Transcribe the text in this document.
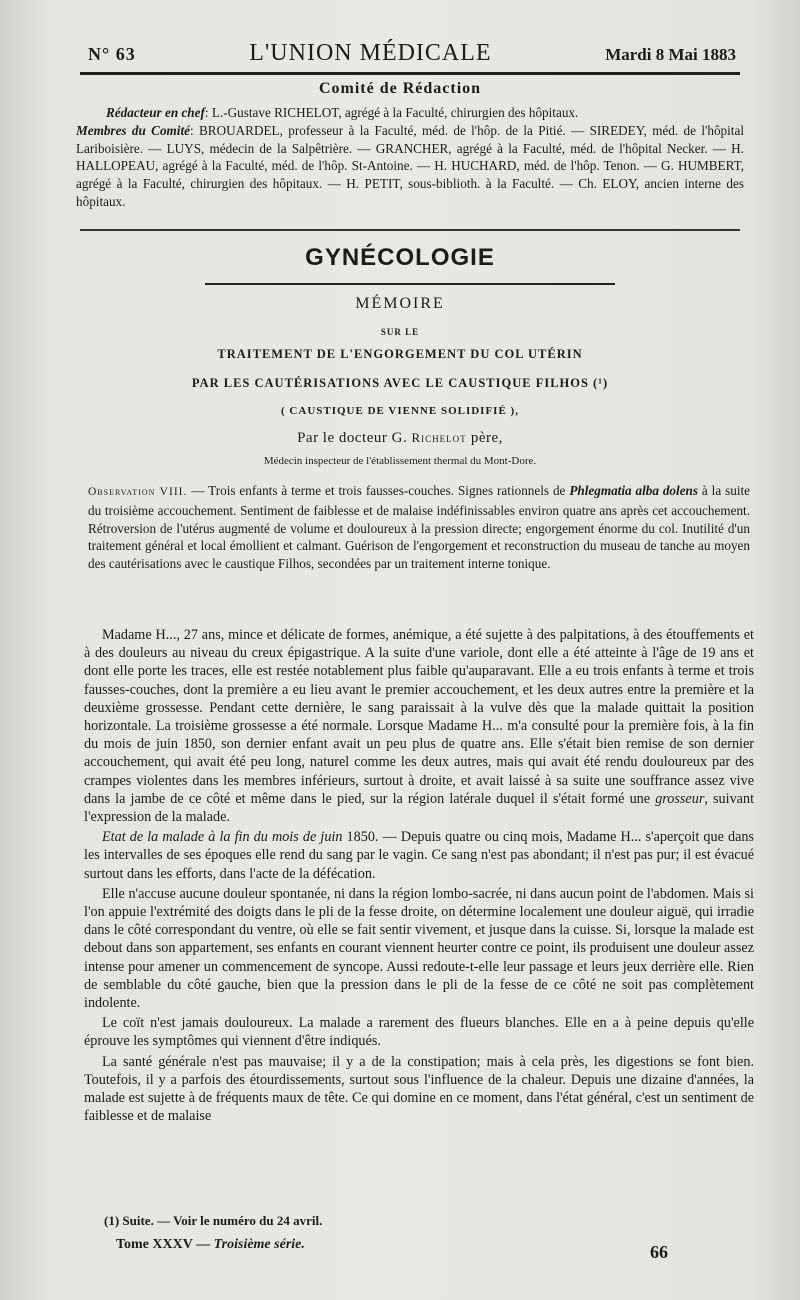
N° 63	L'UNION MÉDICALE	Mardi 8 Mai 1883
Comité de Rédaction

Rédacteur en chef: L.-Gustave RICHELOT, agrégé à la Faculté, chirurgien des hôpitaux.

Membres du Comité: BROUARDEL, professeur à la Faculté, méd. de l'hôp. de la Pitié. — SIREDEY, méd. de l'hôpital Lariboisière. — LUYS, médecin de la Salpêtrière. — GRANCHER, agrégé à la Faculté, méd. de l'hôpital Necker. — H. HALLOPEAU, agrégé à la Faculté, méd. de l'hôp. St-Antoine. — H. HUCHARD, méd. de l'hôp. Tenon. — G. HUMBERT, agrégé à la Faculté, chirurgien des hôpitaux. — H. PETIT, sous-biblioth. à la Faculté. — Ch. ELOY, ancien interne des hôpitaux.

GYNÉCOLOGIE
MÉMOIRE
SUR LE
TRAITEMENT DE L'ENGORGEMENT DU COL UTÉRIN
PAR LES CAUTÉRISATIONS AVEC LE CAUSTIQUE FILHOS (¹)
( CAUSTIQUE DE VIENNE SOLIDIFIÉ ),
Par le docteur G. Richelot père,
Médecin inspecteur de l'établissement thermal du Mont-Dore.

Observation VIII. — Trois enfants à terme et trois fausses-couches. Signes rationnels de Phlegmatia alba dolens à la suite du troisième accouchement. Sentiment de faiblesse et de malaise indéfinissables environ quatre ans après cet accouchement. Rétroversion de l'utérus augmenté de volume et douloureux à la pression directe; engorgement énorme du col. Inutilité d'un traitement général et local émollient et calmant. Guérison de l'engorgement et reconstruction du museau de tanche au moyen des cautérisations avec le caustique Filhos, secondées par un traitement interne tonique.

Madame H..., 27 ans, mince et délicate de formes, anémique, a été sujette à des palpitations, à des étouffements et à des douleurs au niveau du creux épigastrique. A la suite d'une variole, dont elle a été atteinte à l'âge de 19 ans et dont elle porte les traces, elle est restée notablement plus faible qu'auparavant. Elle a eu trois enfants à terme et trois fausses-couches, dont la première a eu lieu avant le premier accouchement, et les deux autres entre la première et la deuxième grossesse. Pendant cette dernière, le sang paraissait à la vulve dès que la malade quittait la position horizontale. La troisième grossesse a été normale. Lorsque Madame H... m'a consulté pour la première fois, à la fin du mois de juin 1850, son dernier enfant avait un peu plus de quatre ans. Elle s'était bien remise de son dernier accouchement, qui avait été peu long, naturel comme les deux autres, mais qui avait été rendu douloureux par des crampes violentes dans les membres inférieurs, surtout à droite, et avait laissé à sa suite une souffrance assez vive dans la jambe de ce côté et même dans le pied, sur la région latérale duquel il s'était formé une grosseur, suivant l'expression de la malade.

Etat de la malade à la fin du mois de juin 1850. — Depuis quatre ou cinq mois, Madame H... s'aperçoit que dans les intervalles de ses époques elle rend du sang par le vagin. Ce sang n'est pas abondant; il n'est pas pur; il est évacué surtout dans les efforts, dans l'acte de la défécation.

Elle n'accuse aucune douleur spontanée, ni dans la région lombo-sacrée, ni dans aucun point de l'abdomen. Mais si l'on appuie l'extrémité des doigts dans le pli de la fesse droite, on détermine localement une douleur aiguë, qui irradie dans le côté correspondant du ventre, où elle se fait sentir vivement, et jusque dans la cuisse. Si, lorsque la malade est debout dans son appartement, ses enfants en courant viennent heurter contre ce point, ils produisent une douleur assez intense pour amener un commencement de syncope. Aussi redoute-t-elle leur passage et leurs jeux derrière elle. Rien de semblable du côté gauche, bien que la pression dans le pli de la fesse de ce côté ne soit pas complètement indolente.

Le coït n'est jamais douloureux. La malade a rarement des flueurs blanches. Elle en a à peine depuis qu'elle éprouve les symptômes qui viennent d'être indiqués.

La santé générale n'est pas mauvaise; il y a de la constipation; mais à cela près, les digestions se font bien. Toutefois, il y a parfois des étourdissements, surtout sous l'influence de la chaleur. Depuis une dizaine d'années, la malade est sujette à de fréquents maux de tête. Ce qui domine en ce moment, dans l'état général, c'est un sentiment de faiblesse et de malaise

(1) Suite. — Voir le numéro du 24 avril.
Tome XXXV — Troisième série.	66
